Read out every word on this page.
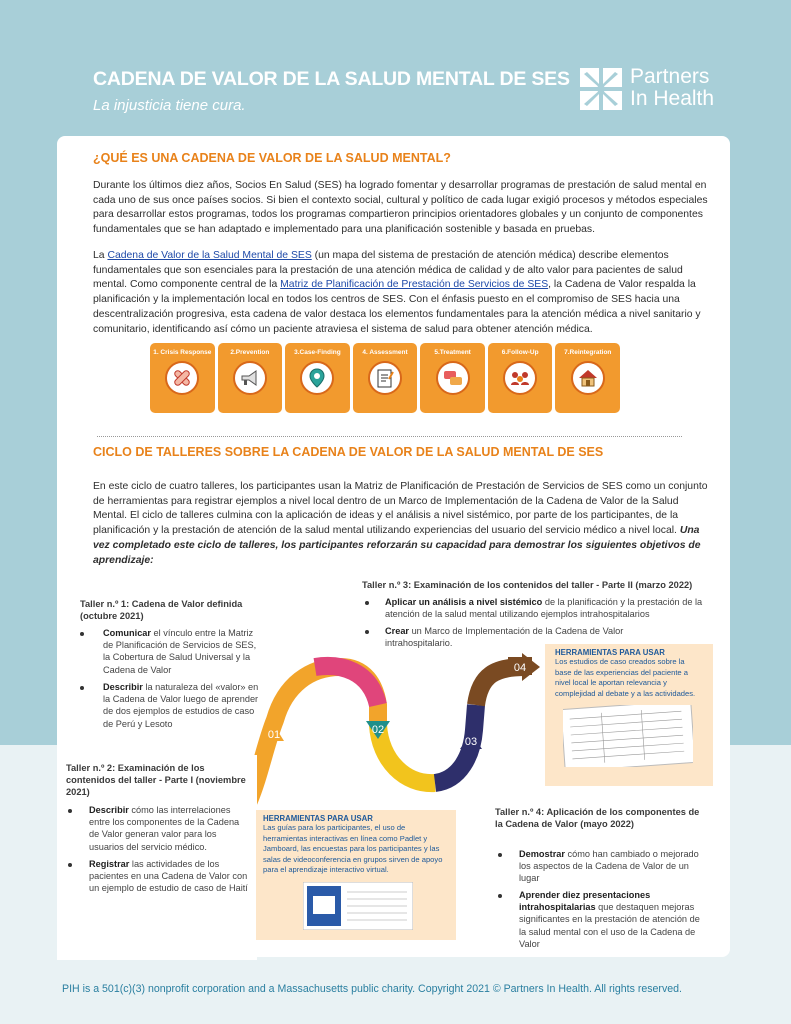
CADENA DE VALOR DE LA SALUD MENTAL DE SES
La injusticia tiene cura.
Partners
In Health
¿QUÉ ES UNA CADENA DE VALOR DE LA SALUD MENTAL?
Durante los últimos diez años, Socios En Salud (SES) ha logrado fomentar y desarrollar programas de prestación de salud mental en cada uno de sus once países socios. Si bien el contexto social, cultural y político de cada lugar exigió procesos y métodos especiales para desarrollar estos programas, todos los programas compartieron principios orientadores globales y un conjunto de componentes fundamentales que se han adaptado e implementado para una planificación sostenible y basada en pruebas.
La Cadena de Valor de la Salud Mental de SES (un mapa del sistema de prestación de atención médica) describe elementos fundamentales que son esenciales para la prestación de una atención médica de calidad y de alto valor para pacientes de salud mental. Como componente central de la Matriz de Planificación de Prestación de Servicios de SES, la Cadena de Valor respalda la planificación y la implementación local en todos los centros de SES. Con el énfasis puesto en el compromiso de SES hacia una descentralización progresiva, esta cadena de valor destaca los elementos fundamentales para la atención médica a nivel sanitario y comunitario, identificando así cómo un paciente atraviesa el sistema de salud para obtener atención médica.
1. Crisis Response	2.Prevention	3.Case-Finding	4. Assessment	5.Treatment	6.Follow-Up	7.Reintegration
CICLO DE TALLERES SOBRE LA CADENA DE VALOR DE LA SALUD MENTAL DE SES
En este ciclo de cuatro talleres, los participantes usan la Matriz de Planificación de Prestación de Servicios de SES como un conjunto de herramientas para registrar ejemplos a nivel local dentro de un Marco de Implementación de la Cadena de Valor de la Salud Mental. El ciclo de talleres culmina con la aplicación de ideas y el análisis a nivel sistémico, por parte de los participantes, de la planificación y la prestación de atención de la salud mental utilizando experiencias del usuario del servicio médico a nivel local. Una vez completado este ciclo de talleres, los participantes reforzarán su capacidad para demostrar los siguientes objetivos de aprendizaje:
Taller n.º 1: Cadena de Valor definida (octubre 2021)
Comunicar el vínculo entre la Matriz de Planificación de Servicios de SES, la Cobertura de Salud Universal y la Cadena de Valor
Describir la naturaleza del «valor» en la Cadena de Valor luego de aprender de dos ejemplos de estudios de caso de Perú y Lesoto
Taller n.º 3: Examinación de los contenidos del taller - Parte II (marzo 2022)
Aplicar un análisis a nivel sistémico de la planificación y la prestación de la atención de la salud mental utilizando ejemplos intrahospitalarios
Crear un Marco de Implementación de la Cadena de Valor intrahospitalario.
HERRAMIENTAS PARA USAR
Los estudios de caso creados sobre la base de las experiencias del paciente a nivel local le aportan relevancia y complejidad al debate y a las actividades.
01	02
03
04
Taller n.º 2: Examinación de los contenidos del taller - Parte I (noviembre 2021)
Describir cómo las interrelaciones entre los componentes de la Cadena de Valor generan valor para los usuarios del servicio médico.
Registrar las actividades de los pacientes en una Cadena de Valor con un ejemplo de estudio de caso de Haití
HERRAMIENTAS PARA USAR
Las guías para los participantes, el uso de herramientas interactivas en línea como Padlet y Jamboard, las encuestas para los participantes y las salas de videoconferencia en grupos sirven de apoyo para el aprendizaje interactivo virtual.
Taller n.º 4: Aplicación de los componentes de la Cadena de Valor (mayo 2022)
Demostrar cómo han cambiado o mejorado los aspectos de la Cadena de Valor de un lugar
Aprender diez presentaciones intrahospitalarias que destaquen mejoras significantes en la prestación de atención de la salud mental con el uso de la Cadena de Valor
PIH is a 501(c)(3) nonprofit corporation and a Massachusetts public charity. Copyright 2021 © Partners In Health. All rights reserved.
